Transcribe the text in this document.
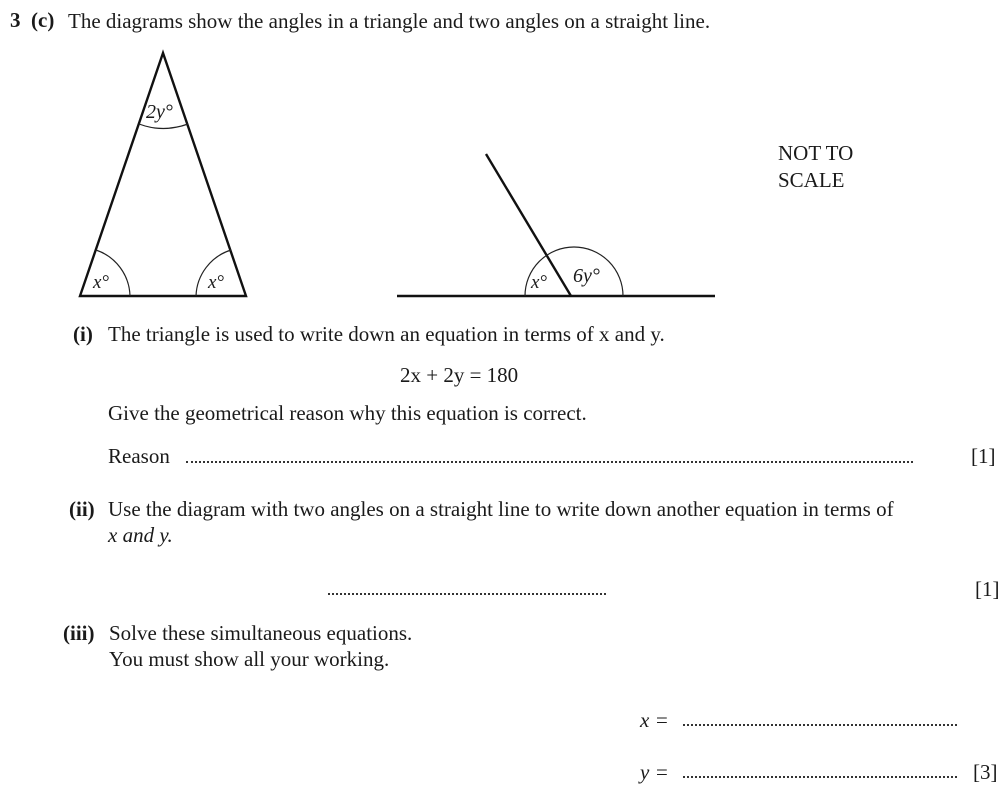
3 (c) The diagrams show the angles in a triangle and two angles on a straight line.
2y°
x°	x°	x° 6y°
NOT TO
SCALE
(i) The triangle is used to write down an equation in terms of x and y.
2x + 2y = 180
Give the geometrical reason why this equation is correct.
Reason	[1]
(ii) Use the diagram with two angles on a straight line to write down another equation in terms of
x and y.
[1]
(iii) Solve these simultaneous equations.
You must show all your working.
x =
y =	[3]
